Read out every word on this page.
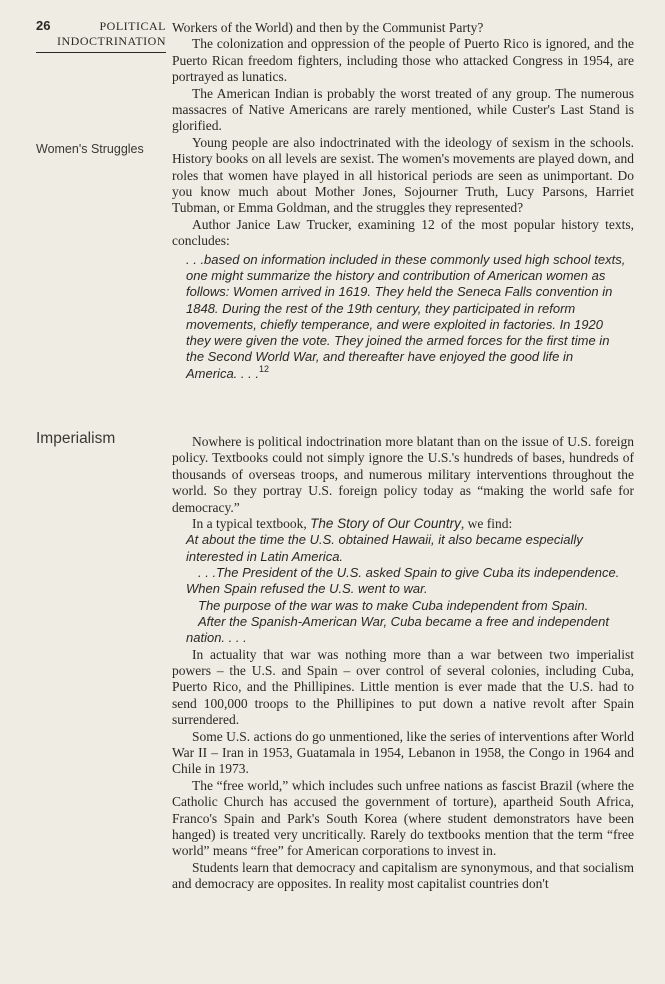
26	POLITICAL
INDOCTRINATION
Women's Struggles
Imperialism

Workers of the World) and then by the Communist Party?

The colonization and oppression of the people of Puerto Rico is ignored, and the Puerto Rican freedom fighters, including those who attacked Congress in 1954, are portrayed as lunatics.

The American Indian is probably the worst treated of any group. The numerous massacres of Native Americans are rarely mentioned, while Custer's Last Stand is glorified.

Young people are also indoctrinated with the ideology of sexism in the schools. History books on all levels are sexist. The women's movements are played down, and roles that women have played in all historical periods are seen as unimportant. Do you know much about Mother Jones, Sojourner Truth, Lucy Parsons, Harriet Tubman, or Emma Goldman, and the struggles they represented?

Author Janice Law Trucker, examining 12 of the most popular history texts, concludes:

. . .based on information included in these commonly used high school texts, one might summarize the history and contribution of American women as follows: Women arrived in 1619. They held the Seneca Falls convention in 1848. During the rest of the 19th century, they participated in reform movements, chiefly temperance, and were exploited in factories. In 1920 they were given the vote. They joined the armed forces for the first time in the Second World War, and thereafter have enjoyed the good life in America. . . .$^{12}$

Nowhere is political indoctrination more blatant than on the issue of U.S. foreign policy. Textbooks could not simply ignore the U.S.'s hundreds of bases, hundreds of thousands of overseas troops, and numerous military interventions throughout the world. So they portray U.S. foreign policy today as “making the world safe for democracy.”

In a typical textbook, The Story of Our Country, we find:

At about the time the U.S. obtained Hawaii, it also became especially interested in Latin America.

. . .The President of the U.S. asked Spain to give Cuba its independence. When Spain refused the U.S. went to war.

The purpose of the war was to make Cuba independent from Spain.

After the Spanish-American War, Cuba became a free and independent nation. . . .

In actuality that war was nothing more than a war between two imperialist powers – the U.S. and Spain – over control of several colonies, including Cuba, Puerto Rico, and the Phillipines. Little mention is ever made that the U.S. had to send 100,000 troops to the Phillipines to put down a native revolt after Spain surrendered.

Some U.S. actions do go unmentioned, like the series of interventions after World War II – Iran in 1953, Guatamala in 1954, Lebanon in 1958, the Congo in 1964 and Chile in 1973.

The “free world,” which includes such unfree nations as fascist Brazil (where the Catholic Church has accused the government of torture), apartheid South Africa, Franco's Spain and Park's South Korea (where student demonstrators have been hanged) is treated very uncritically. Rarely do textbooks mention that the term “free world” means “free” for American corporations to invest in.

Students learn that democracy and capitalism are synonymous, and that socialism and democracy are opposites. In reality most capitalist countries don't
